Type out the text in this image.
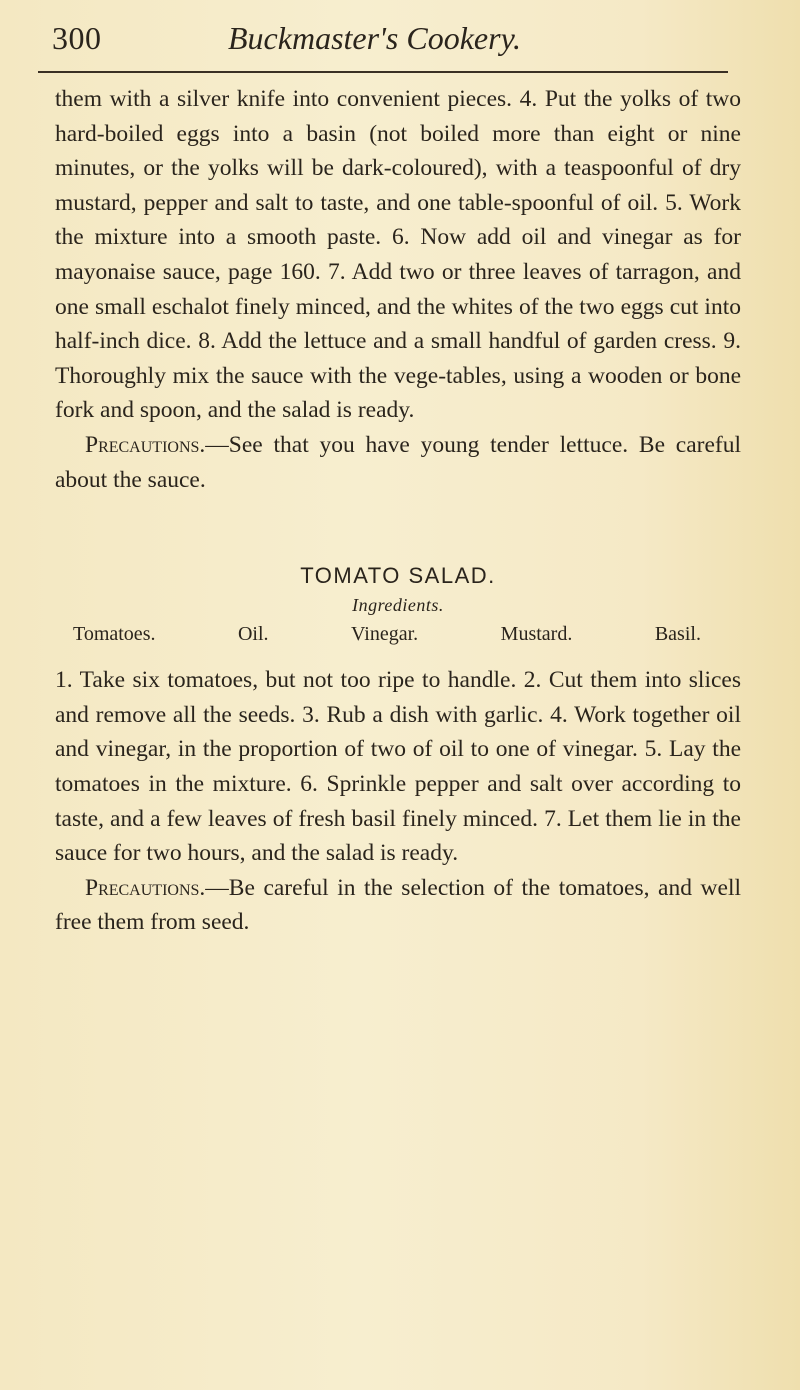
300	Buckmaster's Cookery.

them with a silver knife into convenient pieces. 4. Put the yolks of two hard-boiled eggs into a basin (not boiled more than eight or nine minutes, or the yolks will be dark-coloured), with a teaspoonful of dry mustard, pepper and salt to taste, and one table-spoonful of oil. 5. Work the mixture into a smooth paste. 6. Now add oil and vinegar as for mayonaise sauce, page 160. 7. Add two or three leaves of tarragon, and one small eschalot finely minced, and the whites of the two eggs cut into half-inch dice. 8. Add the lettuce and a small handful of garden cress. 9. Thoroughly mix the sauce with the vege-tables, using a wooden or bone fork and spoon, and the salad is ready.

Precautions.—See that you have young tender lettuce. Be careful about the sauce.

TOMATO SALAD.

Ingredients.

Tomatoes.	Oil.	Vinegar.	Mustard.	Basil.

1. Take six tomatoes, but not too ripe to handle. 2. Cut them into slices and remove all the seeds. 3. Rub a dish with garlic. 4. Work together oil and vinegar, in the proportion of two of oil to one of vinegar. 5. Lay the tomatoes in the mixture. 6. Sprinkle pepper and salt over according to taste, and a few leaves of fresh basil finely minced. 7. Let them lie in the sauce for two hours, and the salad is ready.

Precautions.—Be careful in the selection of the tomatoes, and well free them from seed.
